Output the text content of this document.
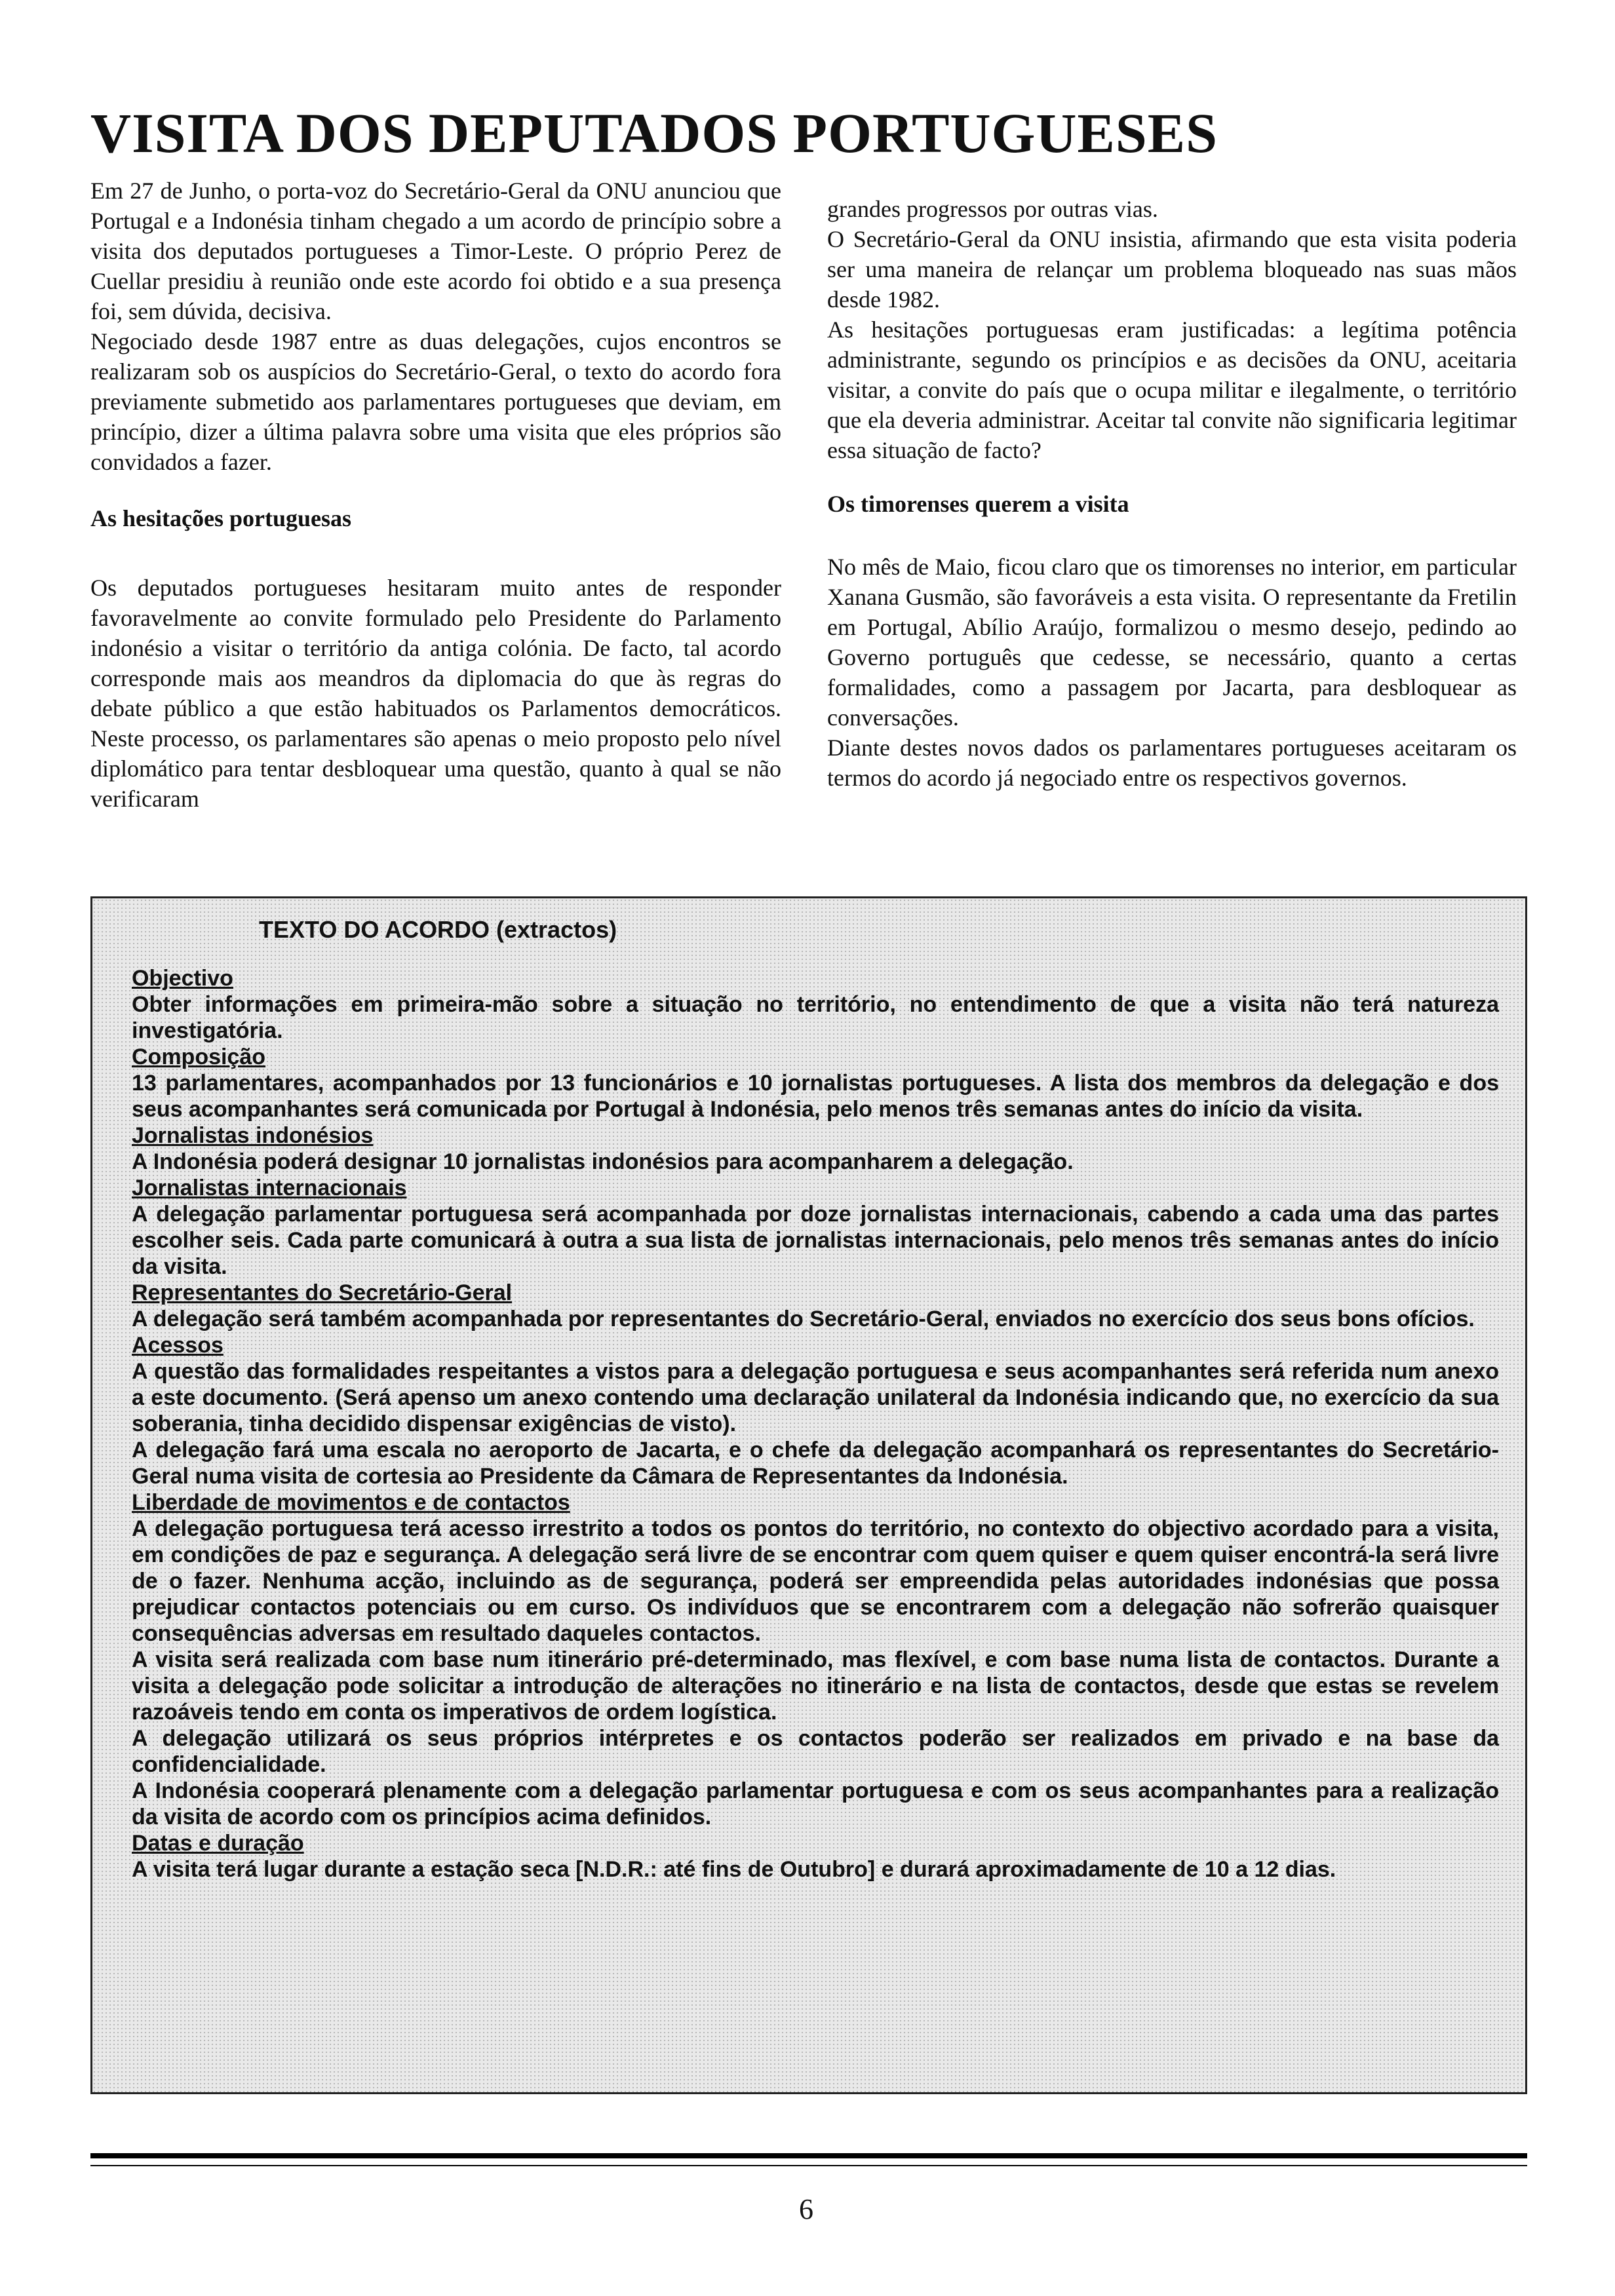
VISITA DOS DEPUTADOS PORTUGUESES

Em 27 de Junho, o porta-voz do Secretário-Geral da ONU anunciou que Portugal e a Indonésia tinham chegado a um acordo de princípio sobre a visita dos deputados portugueses a Timor-Leste. O próprio Perez de Cuellar presidiu à reunião onde este acordo foi obtido e a sua presença foi, sem dúvida, decisiva.

Negociado desde 1987 entre as duas delegações, cujos encontros se realizaram sob os auspícios do Secretário-Geral, o texto do acordo fora previamente submetido aos parlamentares portugueses que deviam, em princípio, dizer a última palavra sobre uma visita que eles próprios são convidados a fazer.

As hesitações portuguesas

Os deputados portugueses hesitaram muito antes de responder favoravelmente ao convite formulado pelo Presidente do Parlamento indonésio a visitar o território da antiga colónia. De facto, tal acordo corresponde mais aos meandros da diplomacia do que às regras do debate público a que estão habituados os Parlamentos democráticos. Neste processo, os parlamentares são apenas o meio proposto pelo nível diplomático para tentar desbloquear uma questão, quanto à qual se não verificaram

grandes progressos por outras vias.

O Secretário-Geral da ONU insistia, afirmando que esta visita poderia ser uma maneira de relançar um problema bloqueado nas suas mãos desde 1982.

As hesitações portuguesas eram justificadas: a legítima potência administrante, segundo os princípios e as decisões da ONU, aceitaria visitar, a convite do país que o ocupa militar e ilegalmente, o território que ela deveria administrar. Aceitar tal convite não significaria legitimar essa situação de facto?

Os timorenses querem a visita

No mês de Maio, ficou claro que os timorenses no interior, em particular Xanana Gusmão, são favoráveis a esta visita. O representante da Fretilin em Portugal, Abílio Araújo, formalizou o mesmo desejo, pedindo ao Governo português que cedesse, se necessário, quanto a certas formalidades, como a passagem por Jacarta, para desbloquear as conversações.

Diante destes novos dados os parlamentares portugueses aceitaram os termos do acordo já negociado entre os respectivos governos.

TEXTO DO ACORDO (extractos)
Objectivo
Obter informações em primeira-mão sobre a situação no território, no entendimento de que a visita não terá natureza investigatória.
Composição
13 parlamentares, acompanhados por 13 funcionários e 10 jornalistas portugueses. A lista dos membros da delegação e dos seus acompanhantes será comunicada por Portugal à Indonésia, pelo menos três semanas antes do início da visita.
Jornalistas indonésios
A Indonésia poderá designar 10 jornalistas indonésios para acompanharem a delegação.
Jornalistas internacionais
A delegação parlamentar portuguesa será acompanhada por doze jornalistas internacionais, cabendo a cada uma das partes escolher seis. Cada parte comunicará à outra a sua lista de jornalistas internacionais, pelo menos três semanas antes do início da visita.
Representantes do Secretário-Geral
A delegação será também acompanhada por representantes do Secretário-Geral, enviados no exercício dos seus bons ofícios.
Acessos
A questão das formalidades respeitantes a vistos para a delegação portuguesa e seus acompanhantes será referida num anexo a este documento. (Será apenso um anexo contendo uma declaração unilateral da Indonésia indicando que, no exercício da sua soberania, tinha decidido dispensar exigências de visto).
A delegação fará uma escala no aeroporto de Jacarta, e o chefe da delegação acompanhará os representantes do Secretário-Geral numa visita de cortesia ao Presidente da Câmara de Representantes da Indonésia.
Liberdade de movimentos e de contactos
A delegação portuguesa terá acesso irrestrito a todos os pontos do território, no contexto do objectivo acordado para a visita, em condições de paz e segurança. A delegação será livre de se encontrar com quem quiser e quem quiser encontrá-la será livre de o fazer. Nenhuma acção, incluindo as de segurança, poderá ser empreendida pelas autoridades indonésias que possa prejudicar contactos potenciais ou em curso. Os indivíduos que se encontrarem com a delegação não sofrerão quaisquer consequências adversas em resultado daqueles contactos.
A visita será realizada com base num itinerário pré-determinado, mas flexível, e com base numa lista de contactos. Durante a visita a delegação pode solicitar a introdução de alterações no itinerário e na lista de contactos, desde que estas se revelem razoáveis tendo em conta os imperativos de ordem logística.
A delegação utilizará os seus próprios intérpretes e os contactos poderão ser realizados em privado e na base da confidencialidade.
A Indonésia cooperará plenamente com a delegação parlamentar portuguesa e com os seus acompanhantes para a realização da visita de acordo com os princípios acima definidos.
Datas e duração
A visita terá lugar durante a estação seca [N.D.R.: até fins de Outubro] e durará aproximadamente de 10 a 12 dias.
6
